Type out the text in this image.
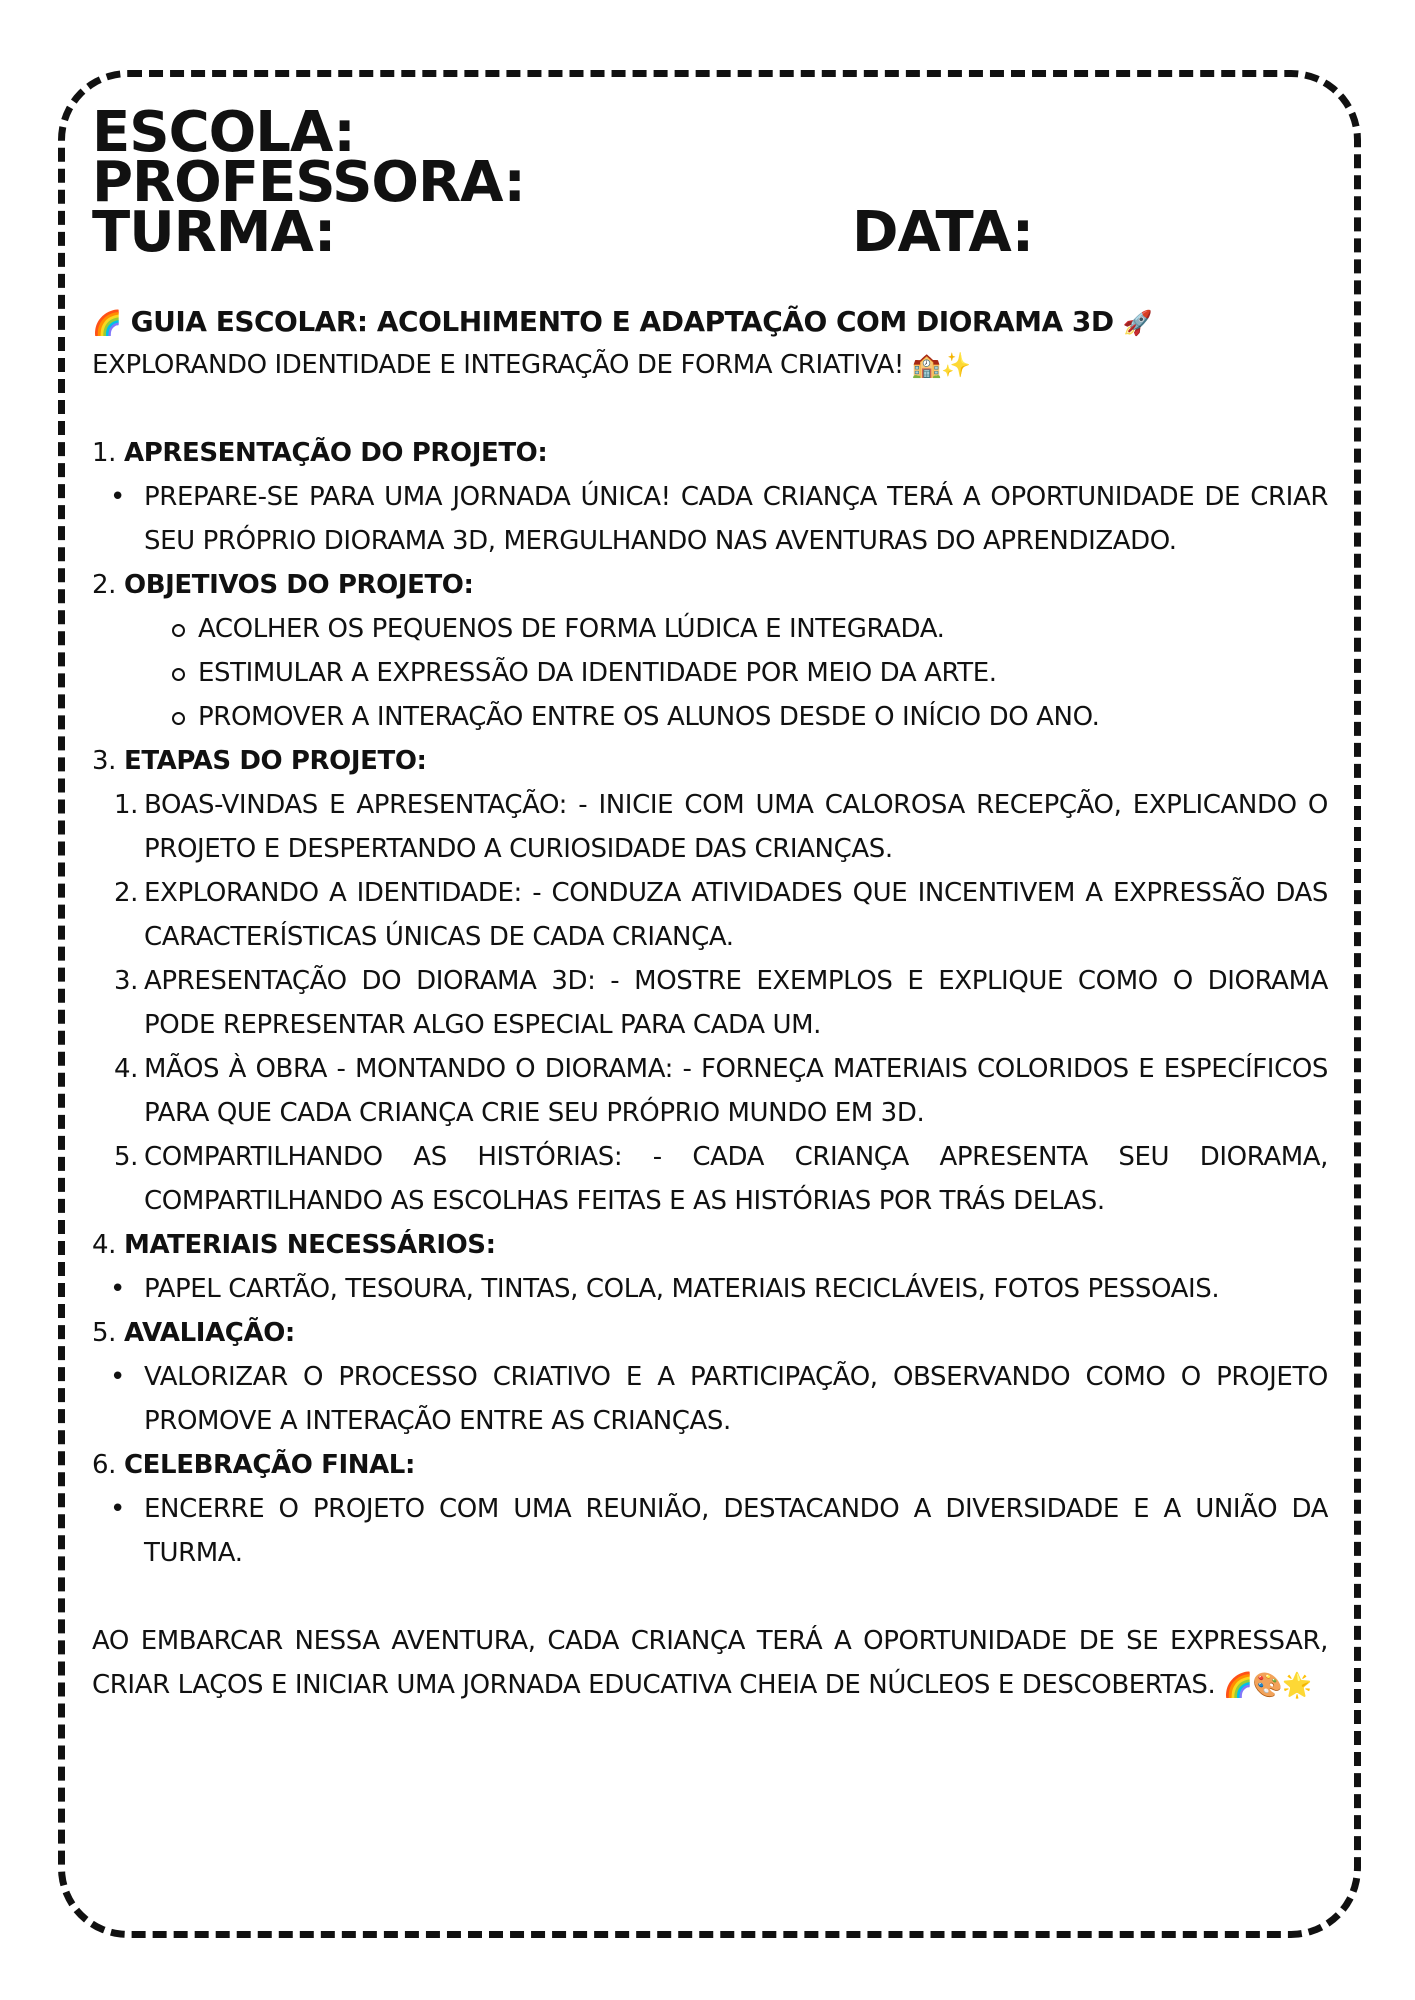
ESCOLA:
PROFESSORA:
TURMA:	DATA:
🌈 GUIA ESCOLAR: ACOLHIMENTO E ADAPTAÇÃO COM DIORAMA 3D 🚀
EXPLORANDO IDENTIDADE E INTEGRAÇÃO DE FORMA CRIATIVA! 🏫✨
1. APRESENTAÇÃO DO PROJETO:
• PREPARE-SE PARA UMA JORNADA ÚNICA! CADA CRIANÇA TERÁ A OPORTUNIDADE DE CRIAR SEU PRÓPRIO DIORAMA 3D, MERGULHANDO NAS AVENTURAS DO APRENDIZADO.
2. OBJETIVOS DO PROJETO:
ACOLHER OS PEQUENOS DE FORMA LÚDICA E INTEGRADA.
ESTIMULAR A EXPRESSÃO DA IDENTIDADE POR MEIO DA ARTE.
PROMOVER A INTERAÇÃO ENTRE OS ALUNOS DESDE O INÍCIO DO ANO.
3. ETAPAS DO PROJETO:
1. BOAS-VINDAS E APRESENTAÇÃO: - INICIE COM UMA CALOROSA RECEPÇÃO, EXPLICANDO O PROJETO E DESPERTANDO A CURIOSIDADE DAS CRIANÇAS.
2. EXPLORANDO A IDENTIDADE: - CONDUZA ATIVIDADES QUE INCENTIVEM A EXPRESSÃO DAS CARACTERÍSTICAS ÚNICAS DE CADA CRIANÇA.
3. APRESENTAÇÃO DO DIORAMA 3D: - MOSTRE EXEMPLOS E EXPLIQUE COMO O DIORAMA PODE REPRESENTAR ALGO ESPECIAL PARA CADA UM.
4. MÃOS À OBRA - MONTANDO O DIORAMA: - FORNEÇA MATERIAIS COLORIDOS E ESPECÍFICOS PARA QUE CADA CRIANÇA CRIE SEU PRÓPRIO MUNDO EM 3D.
5. COMPARTILHANDO AS HISTÓRIAS: - CADA CRIANÇA APRESENTA SEU DIORAMA, COMPARTILHANDO AS ESCOLHAS FEITAS E AS HISTÓRIAS POR TRÁS DELAS.
4. MATERIAIS NECESSÁRIOS:
• PAPEL CARTÃO, TESOURA, TINTAS, COLA, MATERIAIS RECICLÁVEIS, FOTOS PESSOAIS.
5. AVALIAÇÃO:
• VALORIZAR O PROCESSO CRIATIVO E A PARTICIPAÇÃO, OBSERVANDO COMO O PROJETO PROMOVE A INTERAÇÃO ENTRE AS CRIANÇAS.
6. CELEBRAÇÃO FINAL:
• ENCERRE O PROJETO COM UMA REUNIÃO, DESTACANDO A DIVERSIDADE E A UNIÃO DA TURMA.
AO EMBARCAR NESSA AVENTURA, CADA CRIANÇA TERÁ A OPORTUNIDADE DE SE EXPRESSAR, CRIAR LAÇOS E INICIAR UMA JORNADA EDUCATIVA CHEIA DE NÚCLEOS E DESCOBERTAS. 🌈🎨🌟
